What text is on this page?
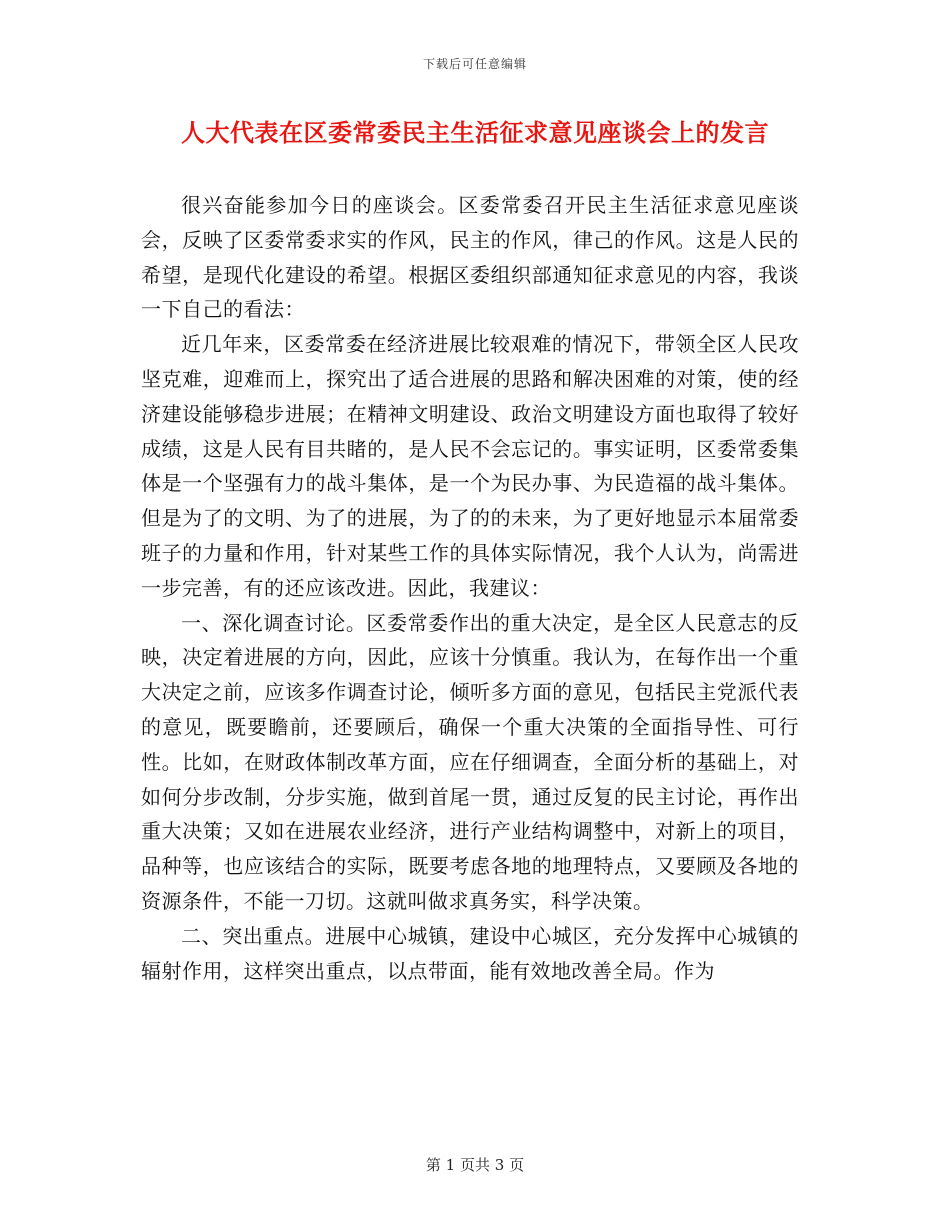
下载后可任意编辑
人大代表在区委常委民主生活征求意见座谈会上的发言

很兴奋能参加今日的座谈会。区委常委召开民主生活征求意见座谈会，反映了区委常委求实的作风，民主的作风，律己的作风。这是人民的希望，是现代化建设的希望。根据区委组织部通知征求意见的内容，我谈一下自己的看法：

近几年来，区委常委在经济进展比较艰难的情况下，带领全区人民攻坚克难，迎难而上，探究出了适合进展的思路和解决困难的对策，使的经济建设能够稳步进展；在精神文明建设、政治文明建设方面也取得了较好成绩，这是人民有目共睹的，是人民不会忘记的。事实证明，区委常委集体是一个坚强有力的战斗集体，是一个为民办事、为民造福的战斗集体。但是为了的文明、为了的进展，为了的的未来，为了更好地显示本届常委班子的力量和作用，针对某些工作的具体实际情况，我个人认为，尚需进一步完善，有的还应该改进。因此，我建议：

一、深化调查讨论。区委常委作出的重大决定，是全区人民意志的反映，决定着进展的方向，因此，应该十分慎重。我认为，在每作出一个重大决定之前，应该多作调查讨论，倾听多方面的意见，包括民主党派代表的意见，既要瞻前，还要顾后，确保一个重大决策的全面指导性、可行性。比如，在财政体制改革方面，应在仔细调查，全面分析的基础上，对如何分步改制，分步实施，做到首尾一贯，通过反复的民主讨论，再作出重大决策；又如在进展农业经济，进行产业结构调整中，对新上的项目，品种等，也应该结合的实际，既要考虑各地的地理特点，又要顾及各地的资源条件，不能一刀切。这就叫做求真务实，科学决策。

二、突出重点。进展中心城镇，建设中心城区，充分发挥中心城镇的辐射作用，这样突出重点，以点带面，能有效地改善全局。作为

第 1 页共 3 页
